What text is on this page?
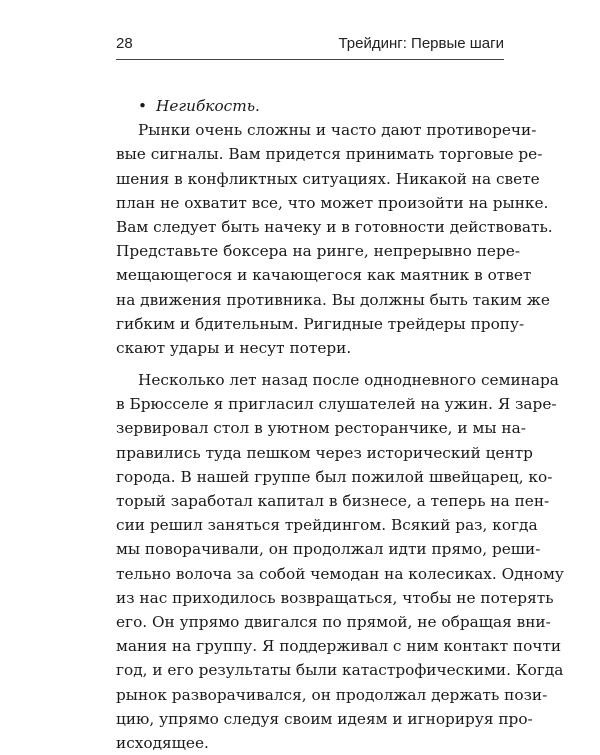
28	Трейдинг: Первые шаги
• Негибкость.
Рынки очень сложны и часто дают противоречи-
вые сигналы. Вам придется принимать торговые ре-
шения в конфликтных ситуациях. Никакой на свете
план не охватит все, что может произойти на рынке.
Вам следует быть начеку и в готовности действовать.
Представьте боксера на ринге, непрерывно пере-
мещающегося и качающегося как маятник в ответ
на движения противника. Вы должны быть таким же
гибким и бдительным. Ригидные трейдеры пропу-
скают удары и несут потери.
Несколько лет назад после однодневного семинара
в Брюсселе я пригласил слушателей на ужин. Я заре-
зервировал стол в уютном ресторанчике, и мы на-
правились туда пешком через исторический центр
города. В нашей группе был пожилой швейцарец, ко-
торый заработал капитал в бизнесе, а теперь на пен-
сии решил заняться трейдингом. Всякий раз, когда
мы поворачивали, он продолжал идти прямо, реши-
тельно волоча за собой чемодан на колесиках. Одному
из нас приходилось возвращаться, чтобы не потерять
его. Он упрямо двигался по прямой, не обращая вни-
мания на группу. Я поддерживал с ним контакт почти
год, и его результаты были катастрофическими. Когда
рынок разворачивался, он продолжал держать пози-
цию, упрямо следуя своим идеям и игнорируя про-
исходящее.
